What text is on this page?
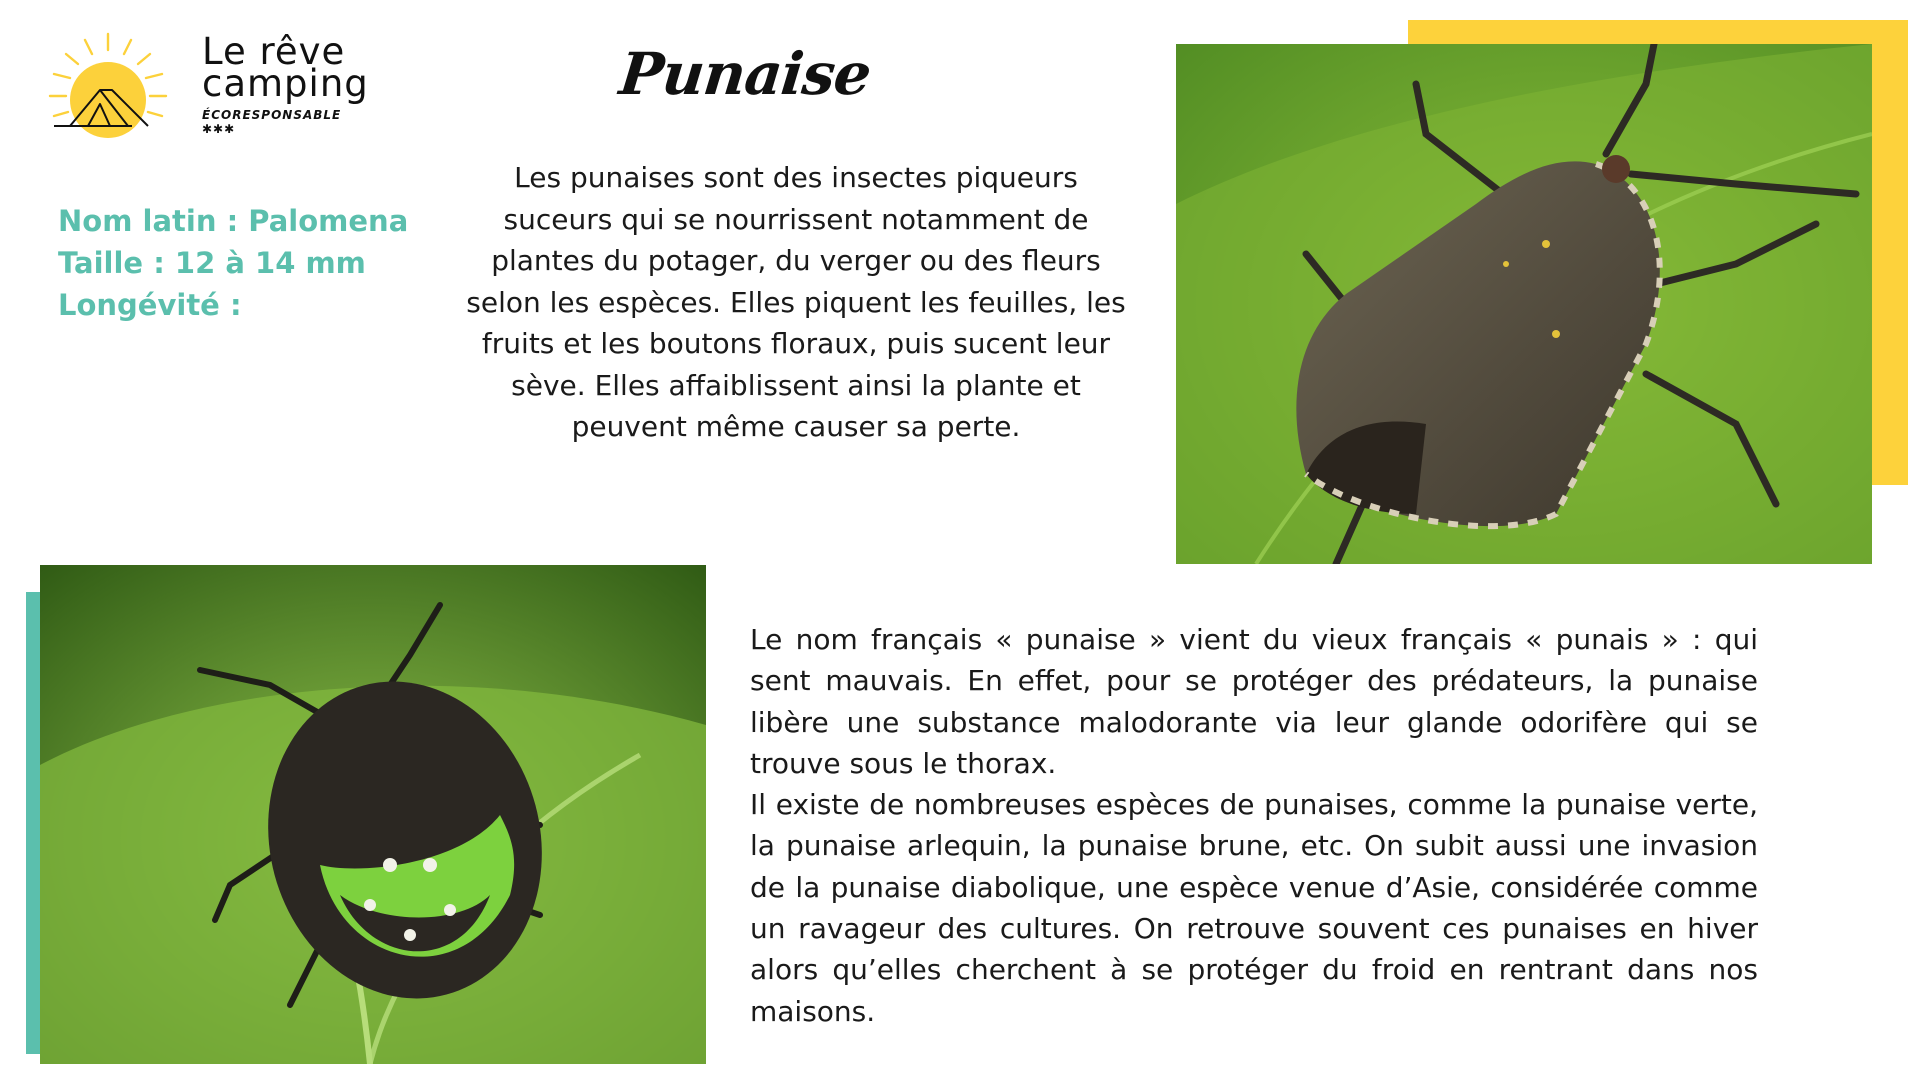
Le rêve
camping
ÉCORESPONSABLE ✱✱✱
Punaise
Nom latin : Palomena
Taille : 12 à 14 mm
Longévité :
Les punaises sont des insectes piqueurs suceurs qui se nourrissent notamment de plantes du potager, du verger ou des fleurs selon les espèces. Elles piquent les feuilles, les fruits et les boutons floraux, puis sucent leur sève. Elles affaiblissent ainsi la plante et peuvent même causer sa perte.

Le nom français « punaise » vient du vieux français « punais » : qui sent mauvais. En effet, pour se protéger des prédateurs, la punaise libère une substance malodorante via leur glande odorifère qui se trouve sous le thorax.

Il existe de nombreuses espèces de punaises, comme la punaise verte, la punaise arlequin, la punaise brune, etc. On subit aussi une invasion de la punaise diabolique, une espèce venue d’Asie, considérée comme un ravageur des cultures. On retrouve souvent ces punaises en hiver alors qu’elles cherchent à se protéger du froid en rentrant dans nos maisons.
